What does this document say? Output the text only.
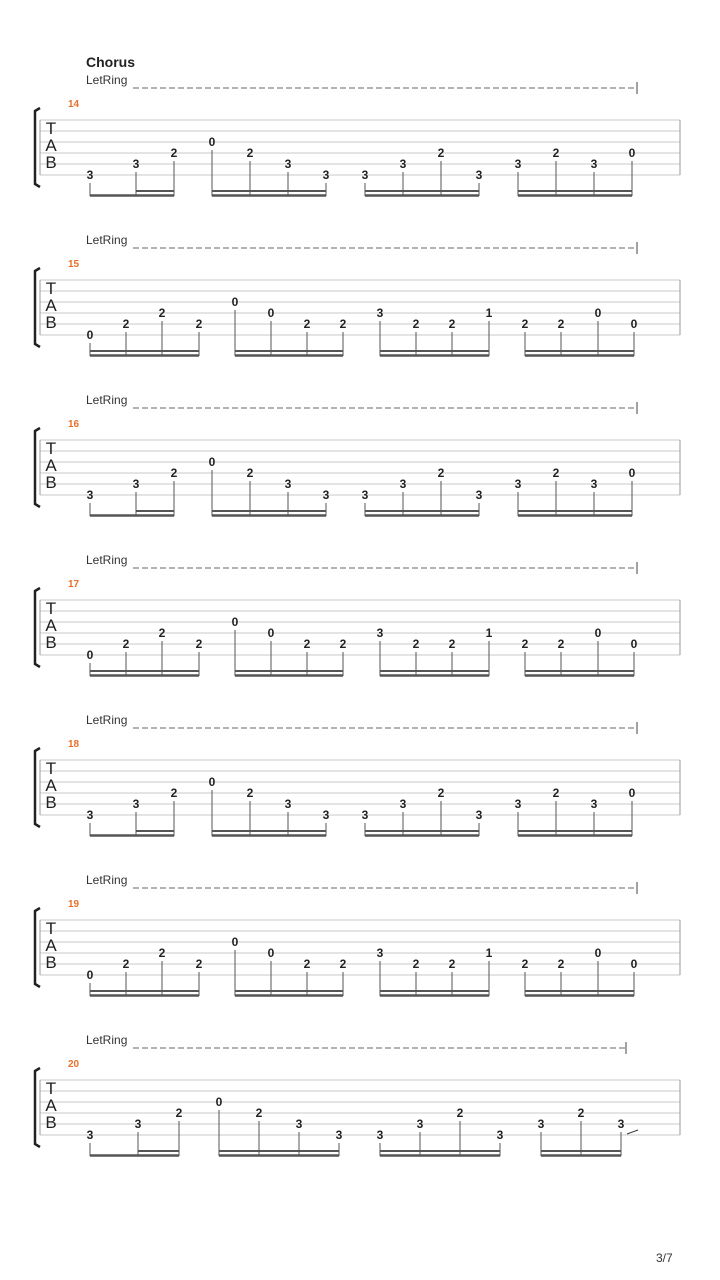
Chorus
LetRing
14
T
A
B
3
3
2
0
2
3
3	3
3
2
3
3
2
3
0
LetRing
15
T
A
B
0
2
2
2
0
0
2 2
3
2 2
1
2 2
0
0
LetRing
16
T
A
B
3
3
2
0
2
3
3	3
3
2
3
3
2
3
0
LetRing
17
T
A
B
0
2
2
2
0
0
2 2
3
2 2
1
2 2
0
0
LetRing
18
T
A
B
3
3
2
0
2
3
3	3
3
2
3
3
2
3
0
LetRing
19
T
A
B
0
2
2
2
0
0
2 2
3
2 2
1
2 2
0
0
LetRing
20
T
A
B
3
3
2
0
2
3
3	3
3
2
3
3
2
3
3/7
